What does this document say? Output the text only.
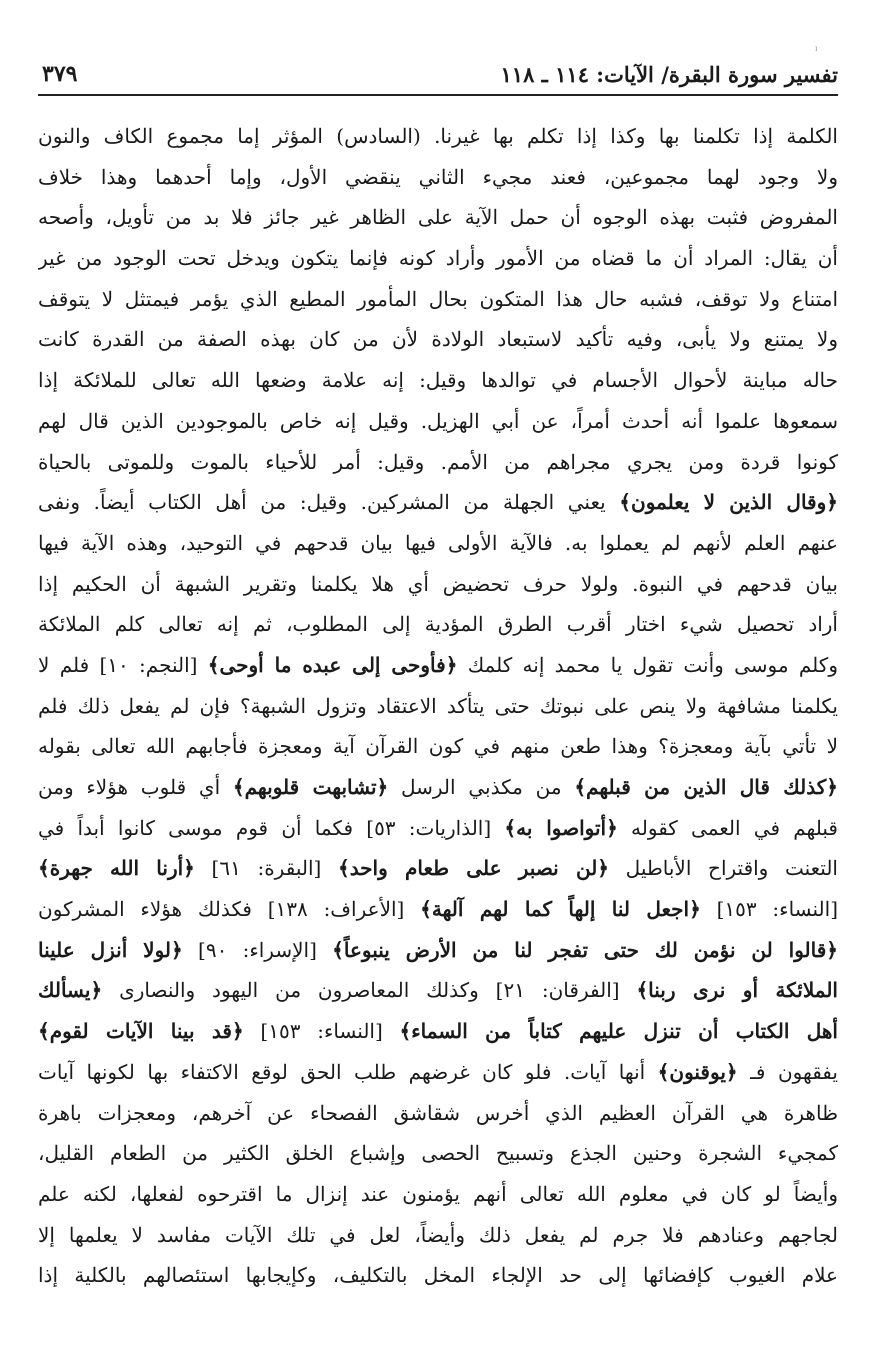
ı
تفسير سورة البقرة/ الآيات: ١١٤ ـ ١١٨
٣٧٩
الكلمة إذا تكلمنا بها وكذا إذا تكلم بها غيرنا. (السادس) المؤثر إما مجموع الكاف والنون
ولا وجود لهما مجموعين، فعند مجيء الثاني ينقضي الأول، وإما أحدهما وهذا خلاف
المفروض فثبت بهذه الوجوه أن حمل الآية على الظاهر غير جائز فلا بد من تأويل، وأصحه
أن يقال: المراد أن ما قضاه من الأمور وأراد كونه فإنما يتكون ويدخل تحت الوجود من غير
امتناع ولا توقف، فشبه حال هذا المتكون بحال المأمور المطيع الذي يؤمر فيمتثل لا يتوقف
ولا يمتنع ولا يأبى، وفيه تأكيد لاستبعاد الولادة لأن من كان بهذه الصفة من القدرة كانت
حاله مباينة لأحوال الأجسام في توالدها وقيل: إنه علامة وضعها الله تعالى للملائكة إذا
سمعوها علموا أنه أحدث أمراً، عن أبي الهزيل. وقيل إنه خاص بالموجودين الذين قال لهم
كونوا قردة ومن يجري مجراهم من الأمم. وقيل: أمر للأحياء بالموت وللموتى بالحياة
﴿وقال الذين لا يعلمون﴾ يعني الجهلة من المشركين. وقيل: من أهل الكتاب أيضاً. ونفى
عنهم العلم لأنهم لم يعملوا به. فالآية الأولى فيها بيان قدحهم في التوحيد، وهذه الآية فيها
بيان قدحهم في النبوة. ولولا حرف تحضيض أي هلا يكلمنا وتقرير الشبهة أن الحكيم إذا
أراد تحصيل شيء اختار أقرب الطرق المؤدية إلى المطلوب، ثم إنه تعالى كلم الملائكة
وكلم موسى وأنت تقول يا محمد إنه كلمك ﴿فأوحى إلى عبده ما أوحى﴾ [النجم: ١٠] فلم لا
يكلمنا مشافهة ولا ينص على نبوتك حتى يتأكد الاعتقاد وتزول الشبهة؟ فإن لم يفعل ذلك فلم
لا تأتي بآية ومعجزة؟ وهذا طعن منهم في كون القرآن آية ومعجزة فأجابهم الله تعالى بقوله
﴿كذلك قال الذين من قبلهم﴾ من مكذبي الرسل ﴿تشابهت قلوبهم﴾ أي قلوب هؤلاء ومن
قبلهم في العمى كقوله ﴿أتواصوا به﴾ [الذاريات: ٥٣] فكما أن قوم موسى كانوا أبداً في
التعنت واقتراح الأباطيل ﴿لن نصبر على طعام واحد﴾ [البقرة: ٦١] ﴿أرنا الله جهرة﴾
[النساء: ١٥٣] ﴿اجعل لنا إلهاً كما لهم آلهة﴾ [الأعراف: ١٣٨] فكذلك هؤلاء المشركون
﴿قالوا لن نؤمن لك حتى تفجر لنا من الأرض ينبوعاً﴾ [الإسراء: ٩٠] ﴿لولا أنزل علينا
الملائكة أو نرى ربنا﴾ [الفرقان: ٢١] وكذلك المعاصرون من اليهود والنصارى ﴿يسألك
أهل الكتاب أن تنزل عليهم كتاباً من السماء﴾ [النساء: ١٥٣] ﴿قد بينا الآيات لقوم﴾
يفقهون فـ ﴿يوقنون﴾ أنها آيات. فلو كان غرضهم طلب الحق لوقع الاكتفاء بها لكونها آيات
ظاهرة هي القرآن العظيم الذي أخرس شقاشق الفصحاء عن آخرهم، ومعجزات باهرة
كمجيء الشجرة وحنين الجذع وتسبيح الحصى وإشباع الخلق الكثير من الطعام القليل،
وأيضاً لو كان في معلوم الله تعالى أنهم يؤمنون عند إنزال ما اقترحوه لفعلها، لكنه علم
لجاجهم وعنادهم فلا جرم لم يفعل ذلك وأيضاً، لعل في تلك الآيات مفاسد لا يعلمها إلا
علام الغيوب كإفضائها إلى حد الإلجاء المخل بالتكليف، وكإيجابها استئصالهم بالكلية إذا
